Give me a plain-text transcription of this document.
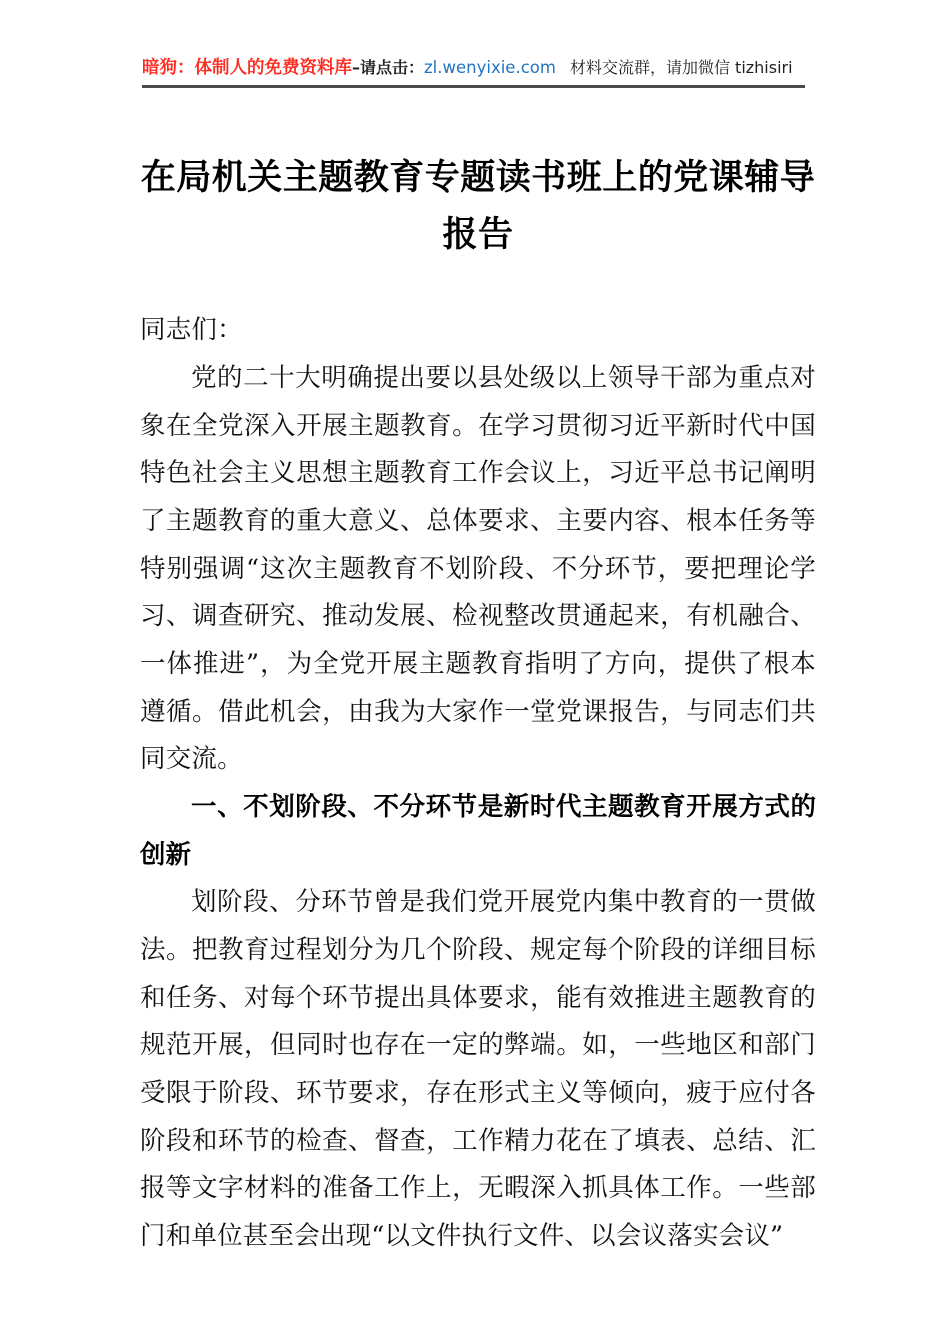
暗狗：体制人的免费资料库–请点击：zl.wenyixie.com 材料交流群，请加微信 tizhisiri
在局机关主题教育专题读书班上的党课辅导报告

同志们：

党的二十大明确提出要以县处级以上领导干部为重点对象在全党深入开展主题教育。在学习贯彻习近平新时代中国特色社会主义思想主题教育工作会议上，习近平总书记阐明了主题教育的重大意义、总体要求、主要内容、根本任务等特别强调“这次主题教育不划阶段、不分环节，要把理论学习、调查研究、推动发展、检视整改贯通起来，有机融合、一体推进”，为全党开展主题教育指明了方向，提供了根本遵循。借此机会，由我为大家作一堂党课报告，与同志们共同交流。

一、不划阶段、不分环节是新时代主题教育开展方式的创新

划阶段、分环节曾是我们党开展党内集中教育的一贯做法。把教育过程划分为几个阶段、规定每个阶段的详细目标和任务、对每个环节提出具体要求，能有效推进主题教育的规范开展，但同时也存在一定的弊端。如，一些地区和部门受限于阶段、环节要求，存在形式主义等倾向，疲于应付各阶段和环节的检查、督查，工作精力花在了填表、总结、汇报等文字材料的准备工作上，无暇深入抓具体工作。一些部门和单位甚至会出现“以文件执行文件、以会议落实会议”
